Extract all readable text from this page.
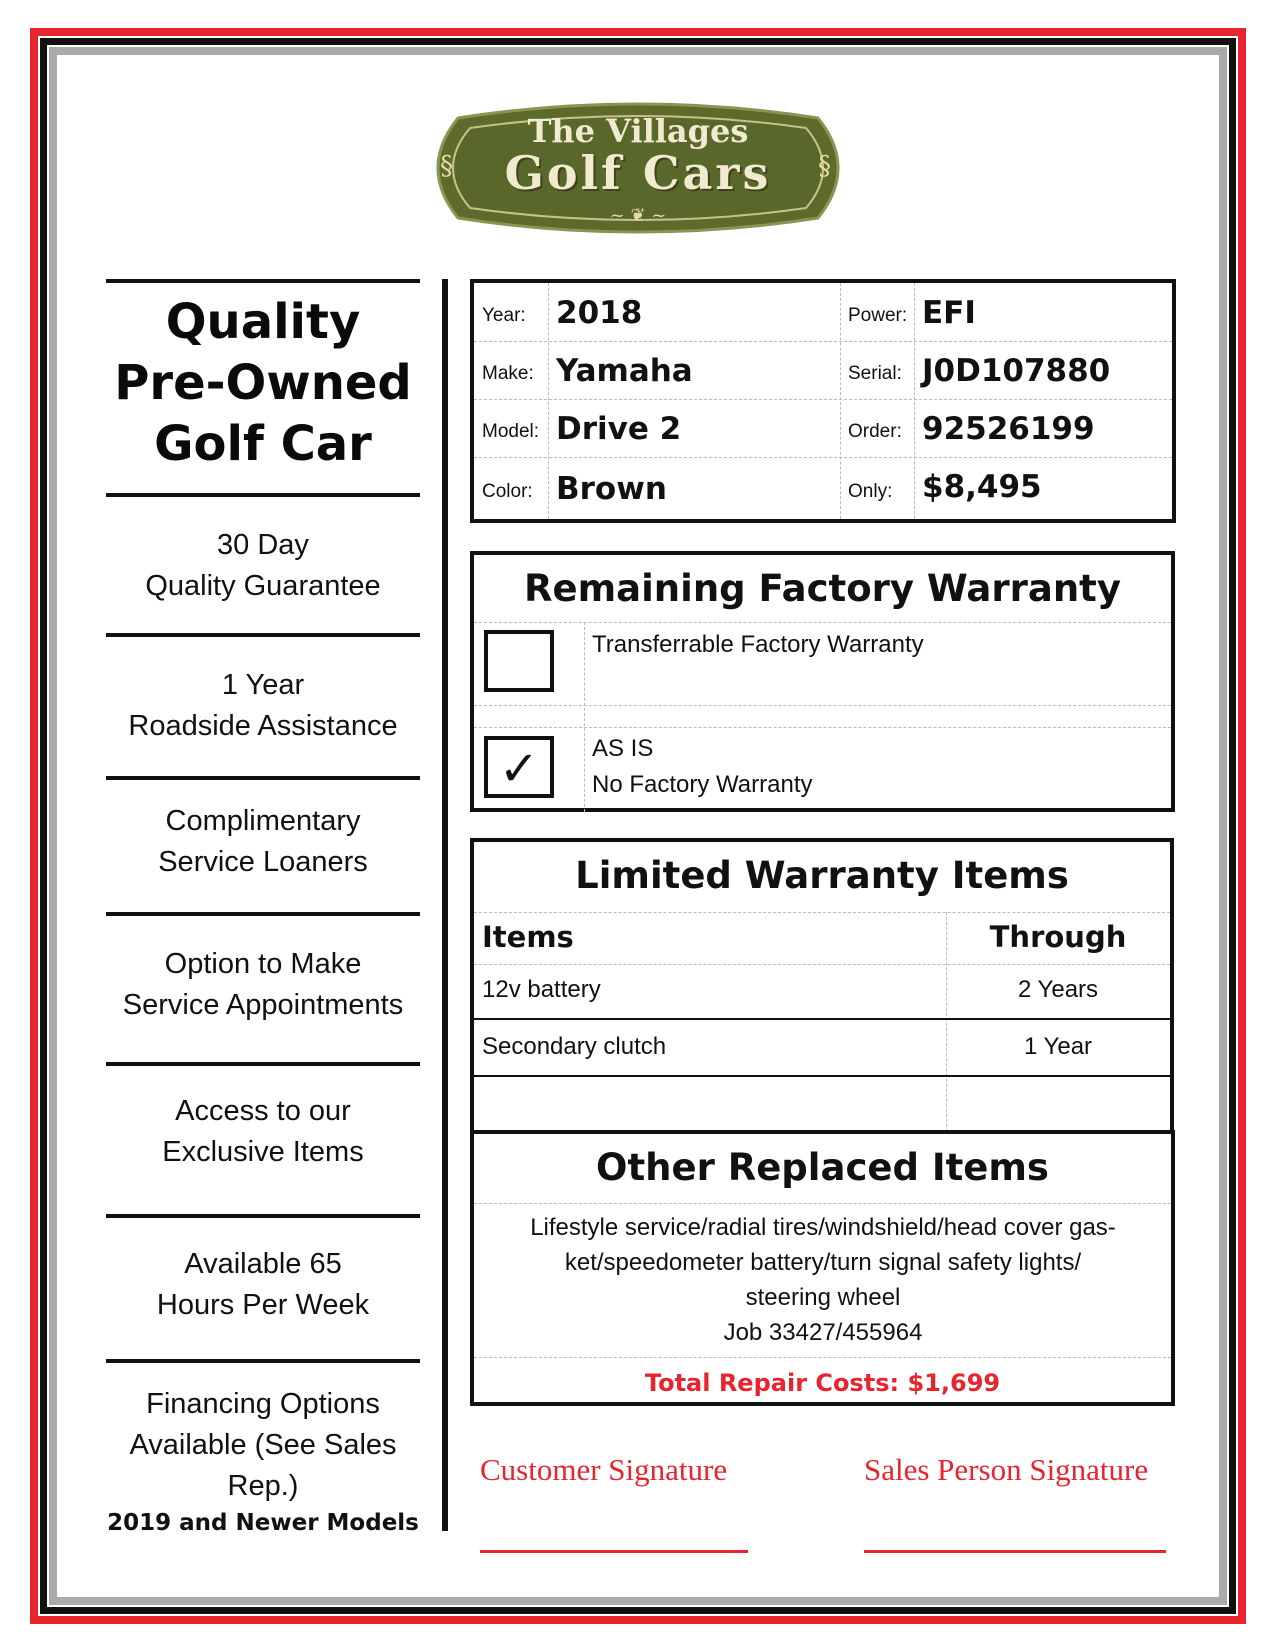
§	§
~ ❦ ~
The Villages
Golf Cars
Quality
Pre-Owned
Golf Car
30 Day
Quality Guarantee
1 Year
Roadside Assistance
Complimentary
Service Loaners
Option to Make
Service Appointments
Access to our
Exclusive Items
Available 65
Hours Per Week
Financing Options
Available (See Sales Rep.)
2019 and Newer Models
Year: 2018	Power: EFI
Make: Yamaha	Serial: J0D107880
Model: Drive 2	Order: 92526199
Color: Brown	Only: $8,495
Remaining Factory Warranty
Transferrable Factory Warranty
✓	AS IS
No Factory Warranty
Limited Warranty Items
Items	Through
12v battery	2 Years
Secondary clutch	1 Year
Other Replaced Items
Lifestyle service/radial tires/windshield/head cover gas-
ket/speedometer battery/turn signal safety lights/
steering wheel
Job 33427/455964
Total Repair Costs: $1,699
Customer Signature	Sales Person Signature
